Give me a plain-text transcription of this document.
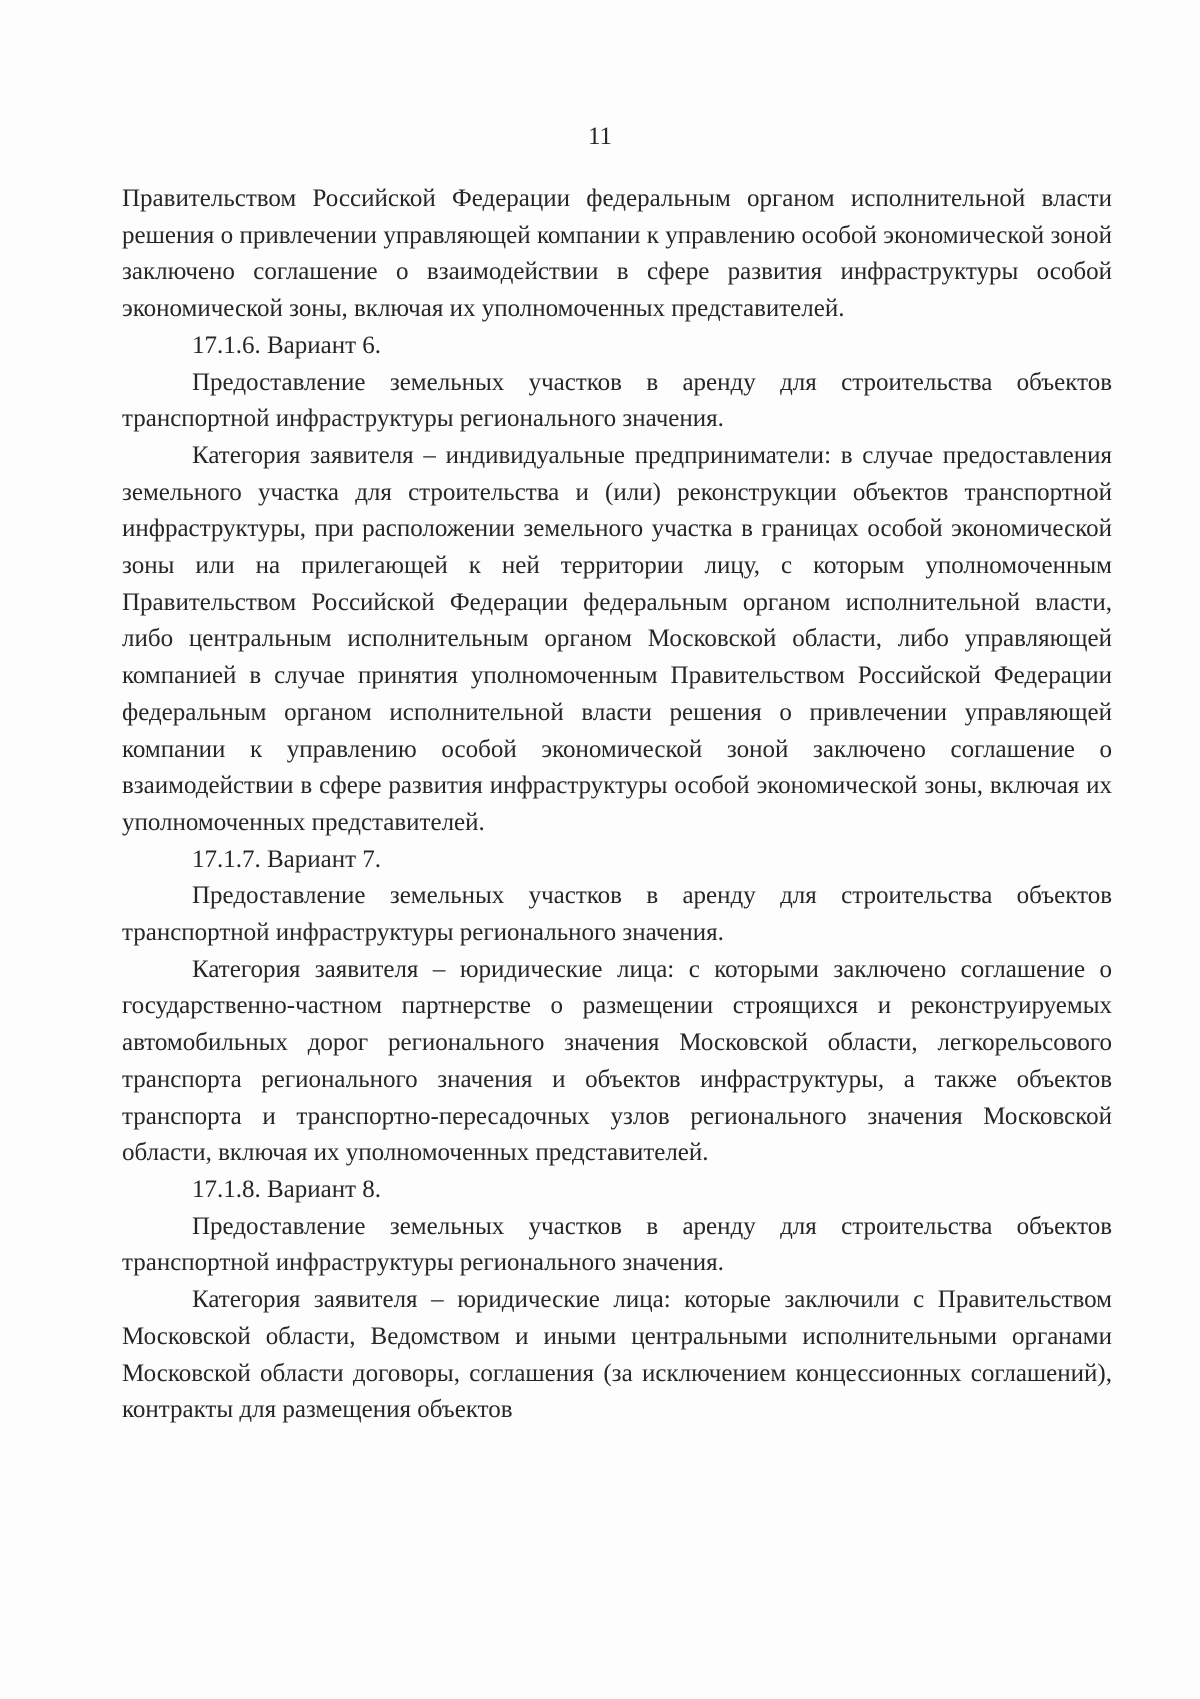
11

Правительством Российской Федерации федеральным органом исполнительной власти решения о привлечении управляющей компании к управлению особой экономической зоной заключено соглашение о взаимодействии в сфере развития инфраструктуры особой экономической зоны, включая их уполномоченных представителей.

17.1.6. Вариант 6.

Предоставление земельных участков в аренду для строительства объектов транспортной инфраструктуры регионального значения.

Категория заявителя – индивидуальные предприниматели: в случае предоставления земельного участка для строительства и (или) реконструкции объектов транспортной инфраструктуры, при расположении земельного участка в границах особой экономической зоны или на прилегающей к ней территории лицу, с которым уполномоченным Правительством Российской Федерации федеральным органом исполнительной власти, либо центральным исполнительным органом Московской области, либо управляющей компанией в случае принятия уполномоченным Правительством Российской Федерации федеральным органом исполнительной власти решения о привлечении управляющей компании к управлению особой экономической зоной заключено соглашение о взаимодействии в сфере развития инфраструктуры особой экономической зоны, включая их уполномоченных представителей.

17.1.7. Вариант 7.

Предоставление земельных участков в аренду для строительства объектов транспортной инфраструктуры регионального значения.

Категория заявителя – юридические лица: с которыми заключено соглашение о государственно-частном партнерстве о размещении строящихся и реконструируемых автомобильных дорог регионального значения Московской области, легкорельсового транспорта регионального значения и объектов инфраструктуры, а также объектов транспорта и транспортно-пересадочных узлов регионального значения Московской области, включая их уполномоченных представителей.

17.1.8. Вариант 8.

Предоставление земельных участков в аренду для строительства объектов транспортной инфраструктуры регионального значения.

Категория заявителя – юридические лица: которые заключили с Правительством Московской области, Ведомством и иными центральными исполнительными органами Московской области договоры, соглашения (за исключением концессионных соглашений), контракты для размещения объектов
